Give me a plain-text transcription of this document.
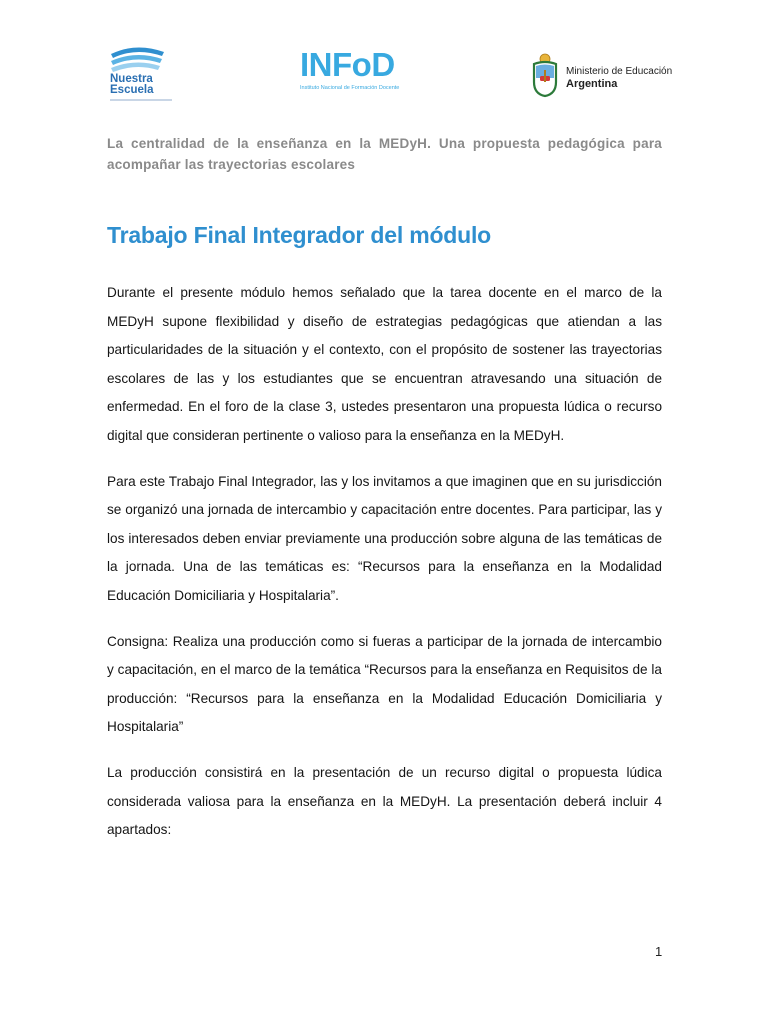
Nuestra
Escuela
INFoD
Instituto Nacional de Formación Docente
Ministerio de Educación
Argentina
La centralidad de la enseñanza en la MEDyH. Una propuesta pedagógica para acompañar las trayectorias escolares
Trabajo Final Integrador del módulo

Durante el presente módulo hemos señalado que la tarea docente en el marco de la MEDyH supone flexibilidad y diseño de estrategias pedagógicas que atiendan a las particularidades de la situación y el contexto, con el propósito de sostener las trayectorias escolares de las y los estudiantes que se encuentran atravesando una situación de enfermedad. En el foro de la clase 3, ustedes presentaron una propuesta lúdica o recurso digital que consideran pertinente o valioso para la enseñanza en la MEDyH.

Para este Trabajo Final Integrador, las y los invitamos a que imaginen que en su jurisdicción se organizó una jornada de intercambio y capacitación entre docentes. Para participar, las y los interesados deben enviar previamente una producción sobre alguna de las temáticas de la jornada. Una de las temáticas es: “Recursos para la enseñanza en la Modalidad Educación Domiciliaria y Hospitalaria”.

Consigna: Realiza una producción como si fueras a participar de la jornada de intercambio y capacitación, en el marco de la temática “Recursos para la enseñanza en Requisitos de la producción: “Recursos para la enseñanza en la Modalidad Educación Domiciliaria y Hospitalaria”

La producción consistirá en la presentación de un recurso digital o propuesta lúdica considerada valiosa para la enseñanza en la MEDyH. La presentación deberá incluir 4 apartados:

1
